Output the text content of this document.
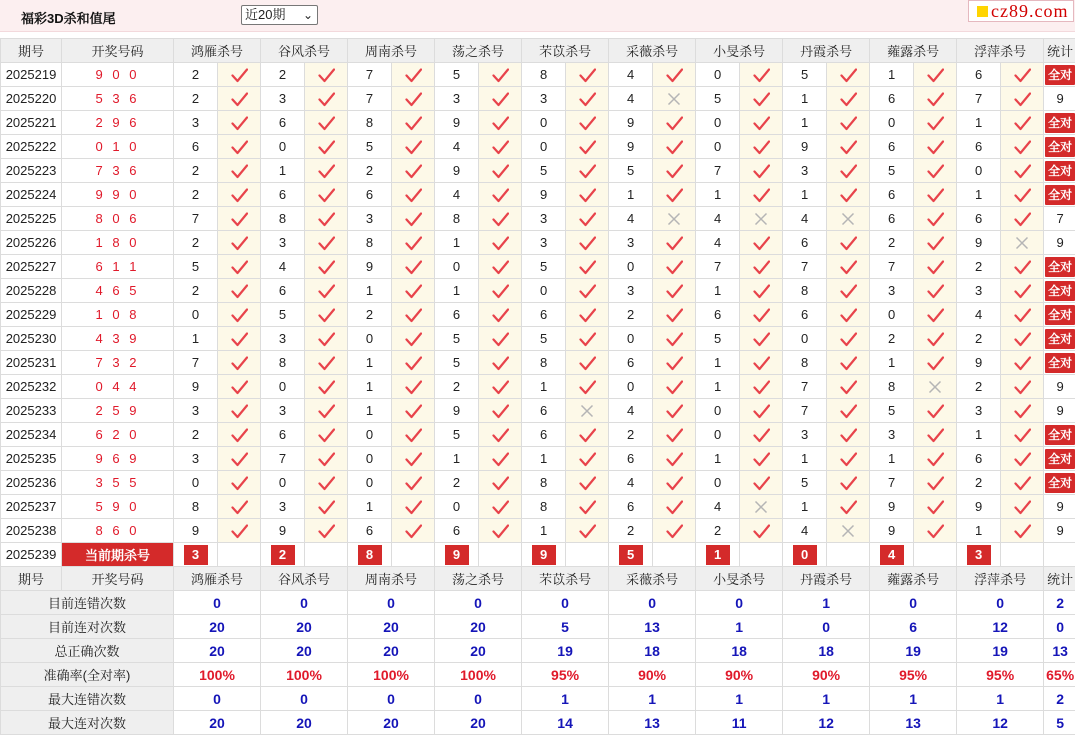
福彩3D杀和值尾	近20期 ⌄	cz89.com
期号	开奖号码	鸿雁杀号		谷风杀号		周南杀号		荡之杀号		芣苡杀号		采薇杀号		小旻杀号		丹霞杀号		蕹露杀号		浮萍杀号		统计
2025219	9 0 0	2		2		7		5		8		4		0		5		1		6		全对
2025220	5 3 6	2		3		7		3		3		4		5		1		6		7		9
2025221	2 9 6	3		6		8		9		0		9		0		1		0		1		全对
2025222	0 1 0	6		0		5		4		0		9		0		9		6		6		全对
2025223	7 3 6	2		1		2		9		5		5		7		3		5		0		全对
2025224	9 9 0	2		6		6		4		9		1		1		1		6		1		全对
2025225	8 0 6	7		8		3		8		3		4		4		4		6		6		7
2025226	1 8 0	2		3		8		1		3		3		4		6		2		9		9
2025227	6 1 1	5		4		9		0		5		0		7		7		7		2		全对
2025228	4 6 5	2		6		1		1		0		3		1		8		3		3		全对
2025229	1 0 8	0		5		2		6		6		2		6		6		0		4		全对
2025230	4 3 9	1		3		0		5		5		0		5		0		2		2		全对
2025231	7 3 2	7		8		1		5		8		6		1		8		1		9		全对
2025232	0 4 4	9		0		1		2		1		0		1		7		8		2		9
2025233	2 5 9	3		3		1		9		6		4		0		7		5		3		9
2025234	6 2 0	2		6		0		5		6		2		0		3		3		1		全对
2025235	9 6 9	3		7		0		1		1		6		1		1		1		6		全对
2025236	3 5 5	0		0		0		2		8		4		0		5		7		2		全对
2025237	5 9 0	8		3		1		0		8		6		4		1		9		9		9
2025238	8 6 0	9		9		6		6		1		2		2		4		9		1		9
2025239	当前期杀号	3		2		8		9		9		5		1		0		4		3		
期号	开奖号码	鸿雁杀号		谷风杀号		周南杀号		荡之杀号		芣苡杀号		采薇杀号		小旻杀号		丹霞杀号		蕹露杀号		浮萍杀号		统计
目前连错次数		0		0		0		0		0		0		0		1		0		0		2
目前连对次数		20		20		20		20		5		13		1		0		6		12		0
总正确次数		20		20		20		20		19		18		18		18		19		19		13
准确率(全对率)		100%		100%		100%		100%		95%		90%		90%		90%		95%		95%		65%
最大连错次数		0		0		0		0		1		1		1		1		1		1		2
最大连对次数		20		20		20		20		14		13		11		12		13		12		5
